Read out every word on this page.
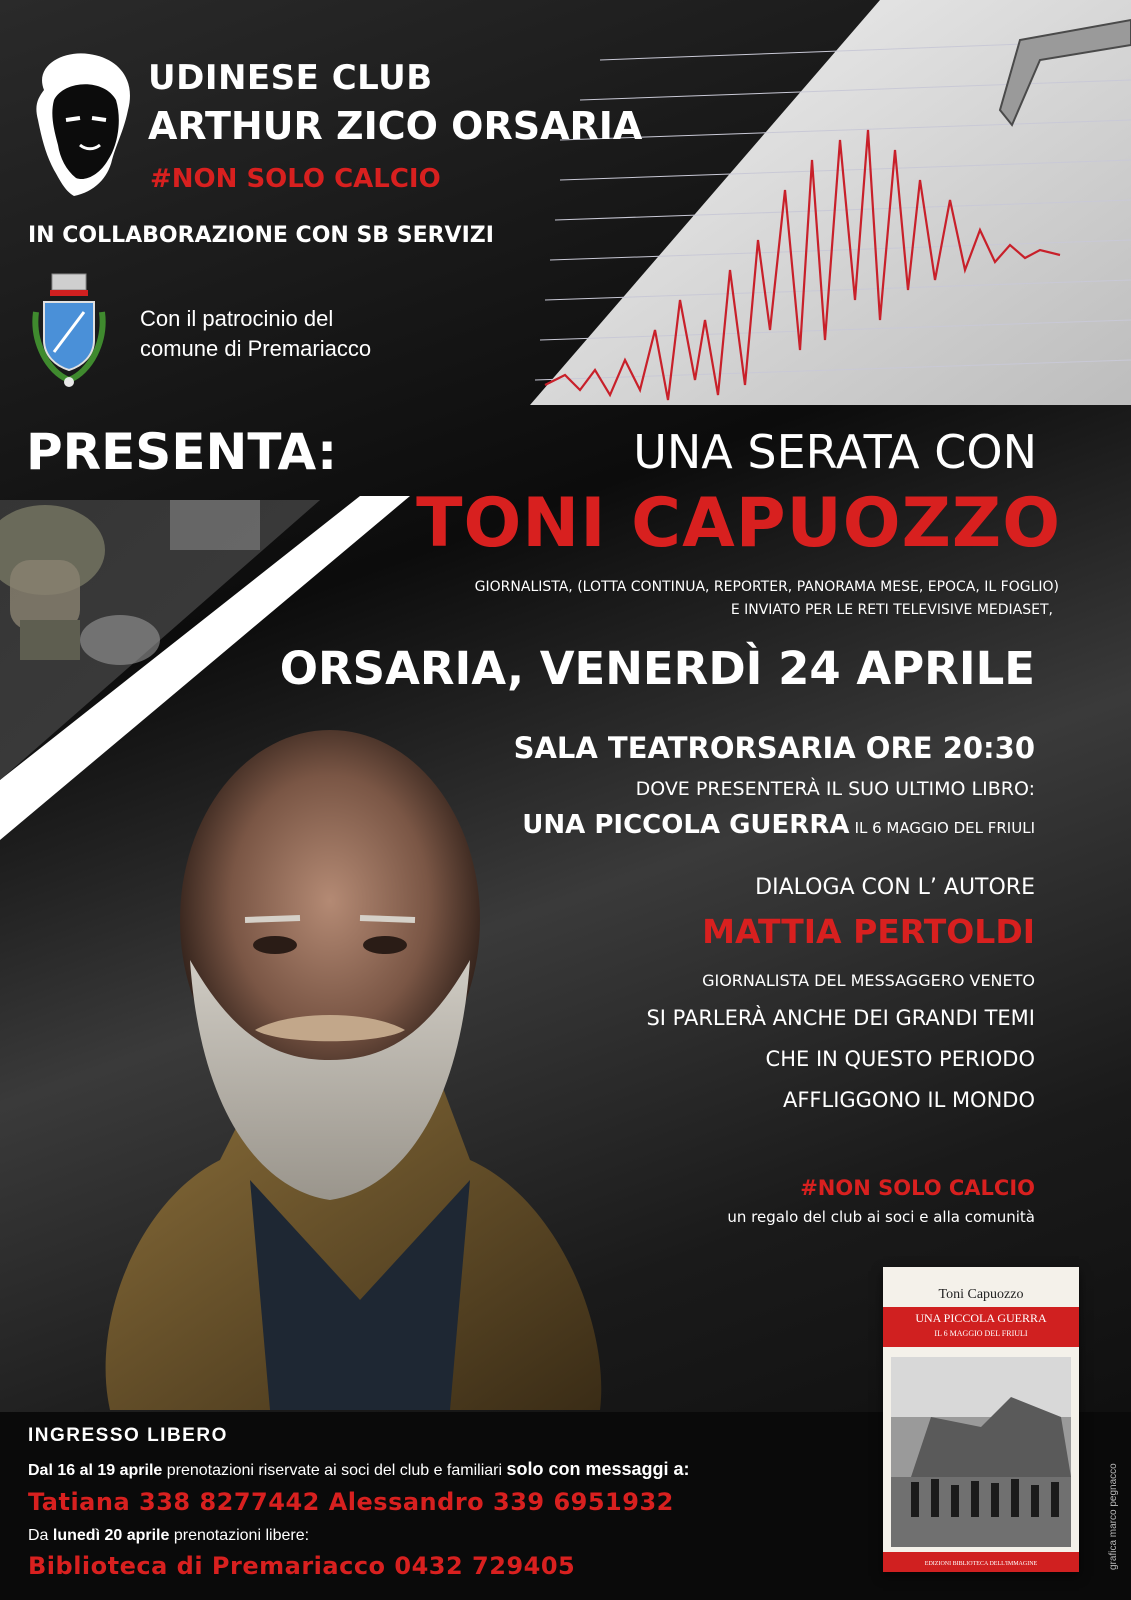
UDINESE CLUB
ARTHUR ZICO ORSARIA
#NON SOLO CALCIO
IN COLLABORAZIONE CON SB SERVIZI
Con il patrocinio del
comune di Premariacco
PRESENTA:	UNA SERATA CON
TONI CAPUOZZO
GIORNALISTA, (LOTTA CONTINUA, REPORTER, PANORAMA MESE, EPOCA, IL FOGLIO)
E INVIATO PER LE RETI TELEVISIVE MEDIASET,
ORSARIA, VENERDÌ 24 APRILE
SALA TEATRORSARIA ORE 20:30
DOVE PRESENTERÀ IL SUO ULTIMO LIBRO:
UNA PICCOLA GUERRA IL 6 MAGGIO DEL FRIULI
DIALOGA CON L’ AUTORE
MATTIA PERTOLDI
GIORNALISTA DEL MESSAGGERO VENETO
SI PARLERÀ ANCHE DEI GRANDI TEMI
CHE IN QUESTO PERIODO
AFFLIGGONO IL MONDO
#NON SOLO CALCIO
un regalo del club ai soci e alla comunità
Toni Capuozzo
UNA PICCOLA GUERRA
IL 6 MAGGIO DEL FRIULI
EDIZIONI BIBLIOTECA DELL'IMMAGINE	grafica marco pegnacco
INGRESSO LIBERO
Dal 16 al 19 aprile prenotazioni riservate ai soci del club e familiari solo con messaggi a:
Tatiana 338 8277442 Alessandro 339 6951932
Da lunedì 20 aprile prenotazioni libere:
Biblioteca di Premariacco 0432 729405
